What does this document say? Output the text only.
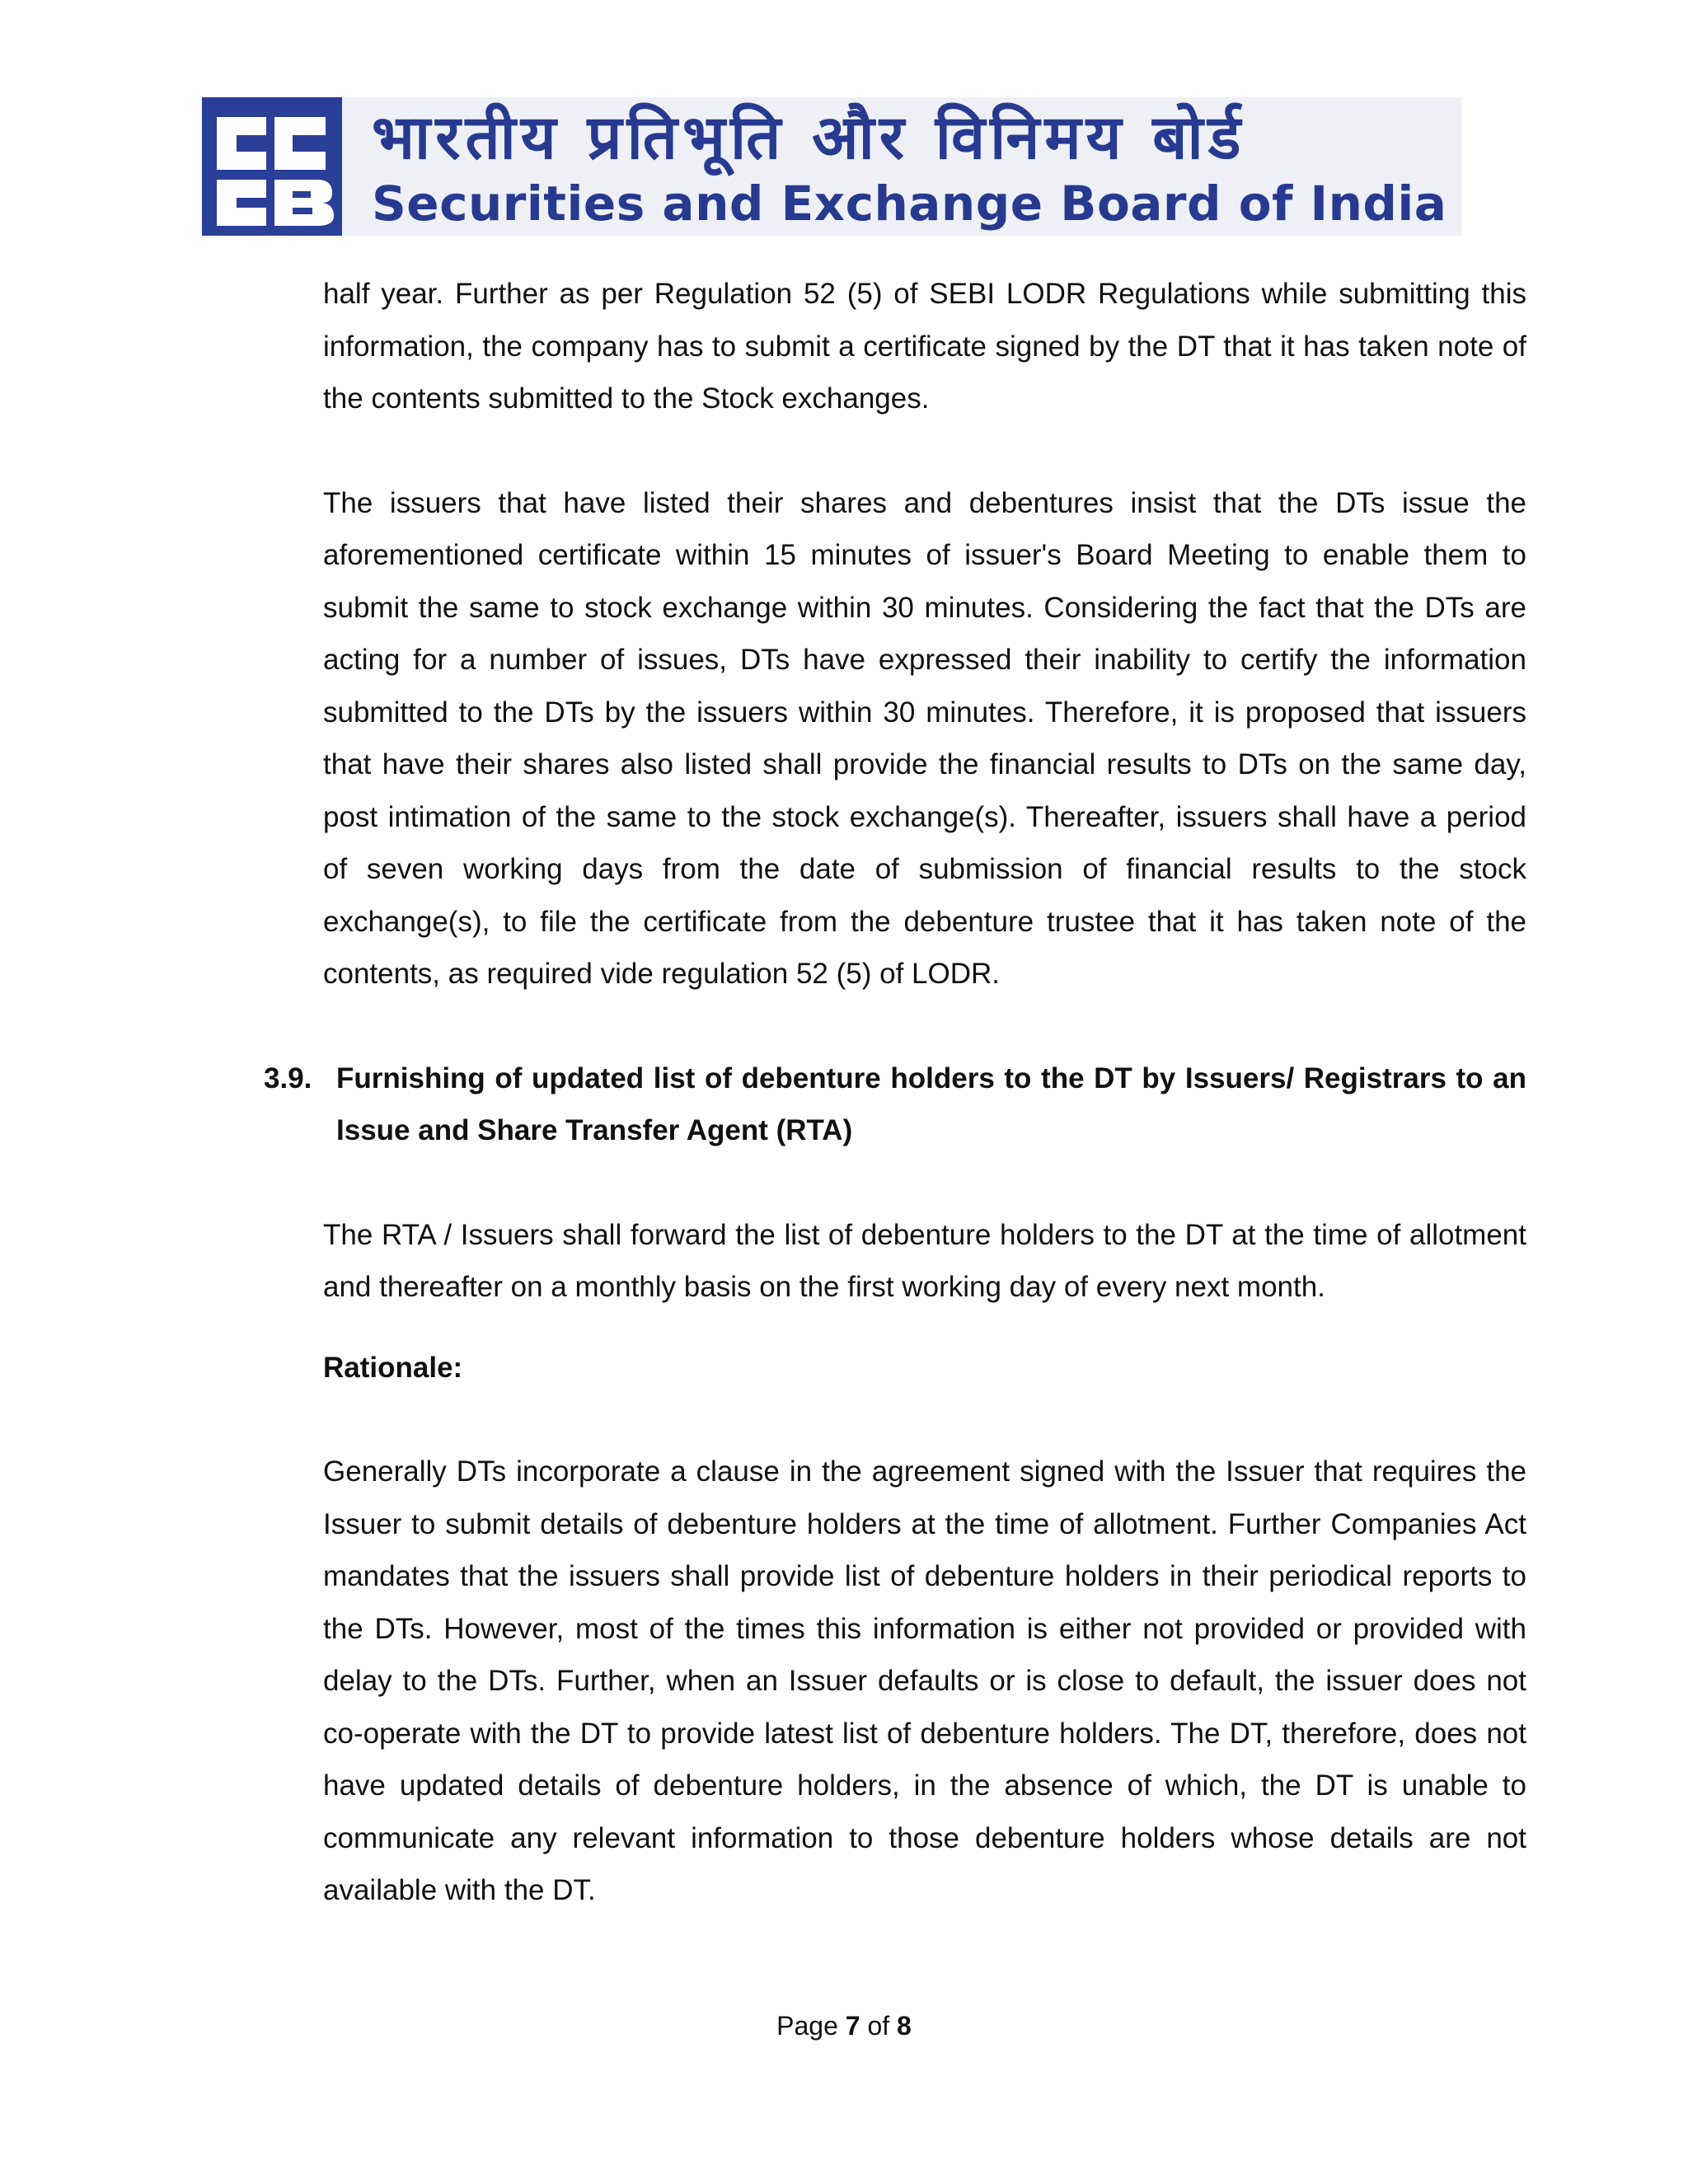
भारतीय प्रतिभूति और विनिमय बोर्ड
Securities and Exchange Board of India

half year. Further as per Regulation 52 (5) of SEBI LODR Regulations while submitting this information, the company has to submit a certificate signed by the DT that it has taken note of the contents submitted to the Stock exchanges.

The issuers that have listed their shares and debentures insist that the DTs issue the aforementioned certificate within 15 minutes of issuer's Board Meeting to enable them to submit the same to stock exchange within 30 minutes. Considering the fact that the DTs are acting for a number of issues, DTs have expressed their inability to certify the information submitted to the DTs by the issuers within 30 minutes. Therefore, it is proposed that issuers that have their shares also listed shall provide the financial results to DTs on the same day, post intimation of the same to the stock exchange(s). Thereafter, issuers shall have a period of seven working days from the date of submission of financial results to the stock exchange(s), to file the certificate from the debenture trustee that it has taken note of the contents, as required vide regulation 52 (5) of LODR.

3.9. Furnishing of updated list of debenture holders to the DT by Issuers/ Registrars to an Issue and Share Transfer Agent (RTA)

The RTA / Issuers shall forward the list of debenture holders to the DT at the time of allotment and thereafter on a monthly basis on the first working day of every next month.

Rationale:

Generally DTs incorporate a clause in the agreement signed with the Issuer that requires the Issuer to submit details of debenture holders at the time of allotment. Further Companies Act mandates that the issuers shall provide list of debenture holders in their periodical reports to the DTs. However, most of the times this information is either not provided or provided with delay to the DTs. Further, when an Issuer defaults or is close to default, the issuer does not co-operate with the DT to provide latest list of debenture holders. The DT, therefore, does not have updated details of debenture holders, in the absence of which, the DT is unable to communicate any relevant information to those debenture holders whose details are not available with the DT.

Page 7 of 8
